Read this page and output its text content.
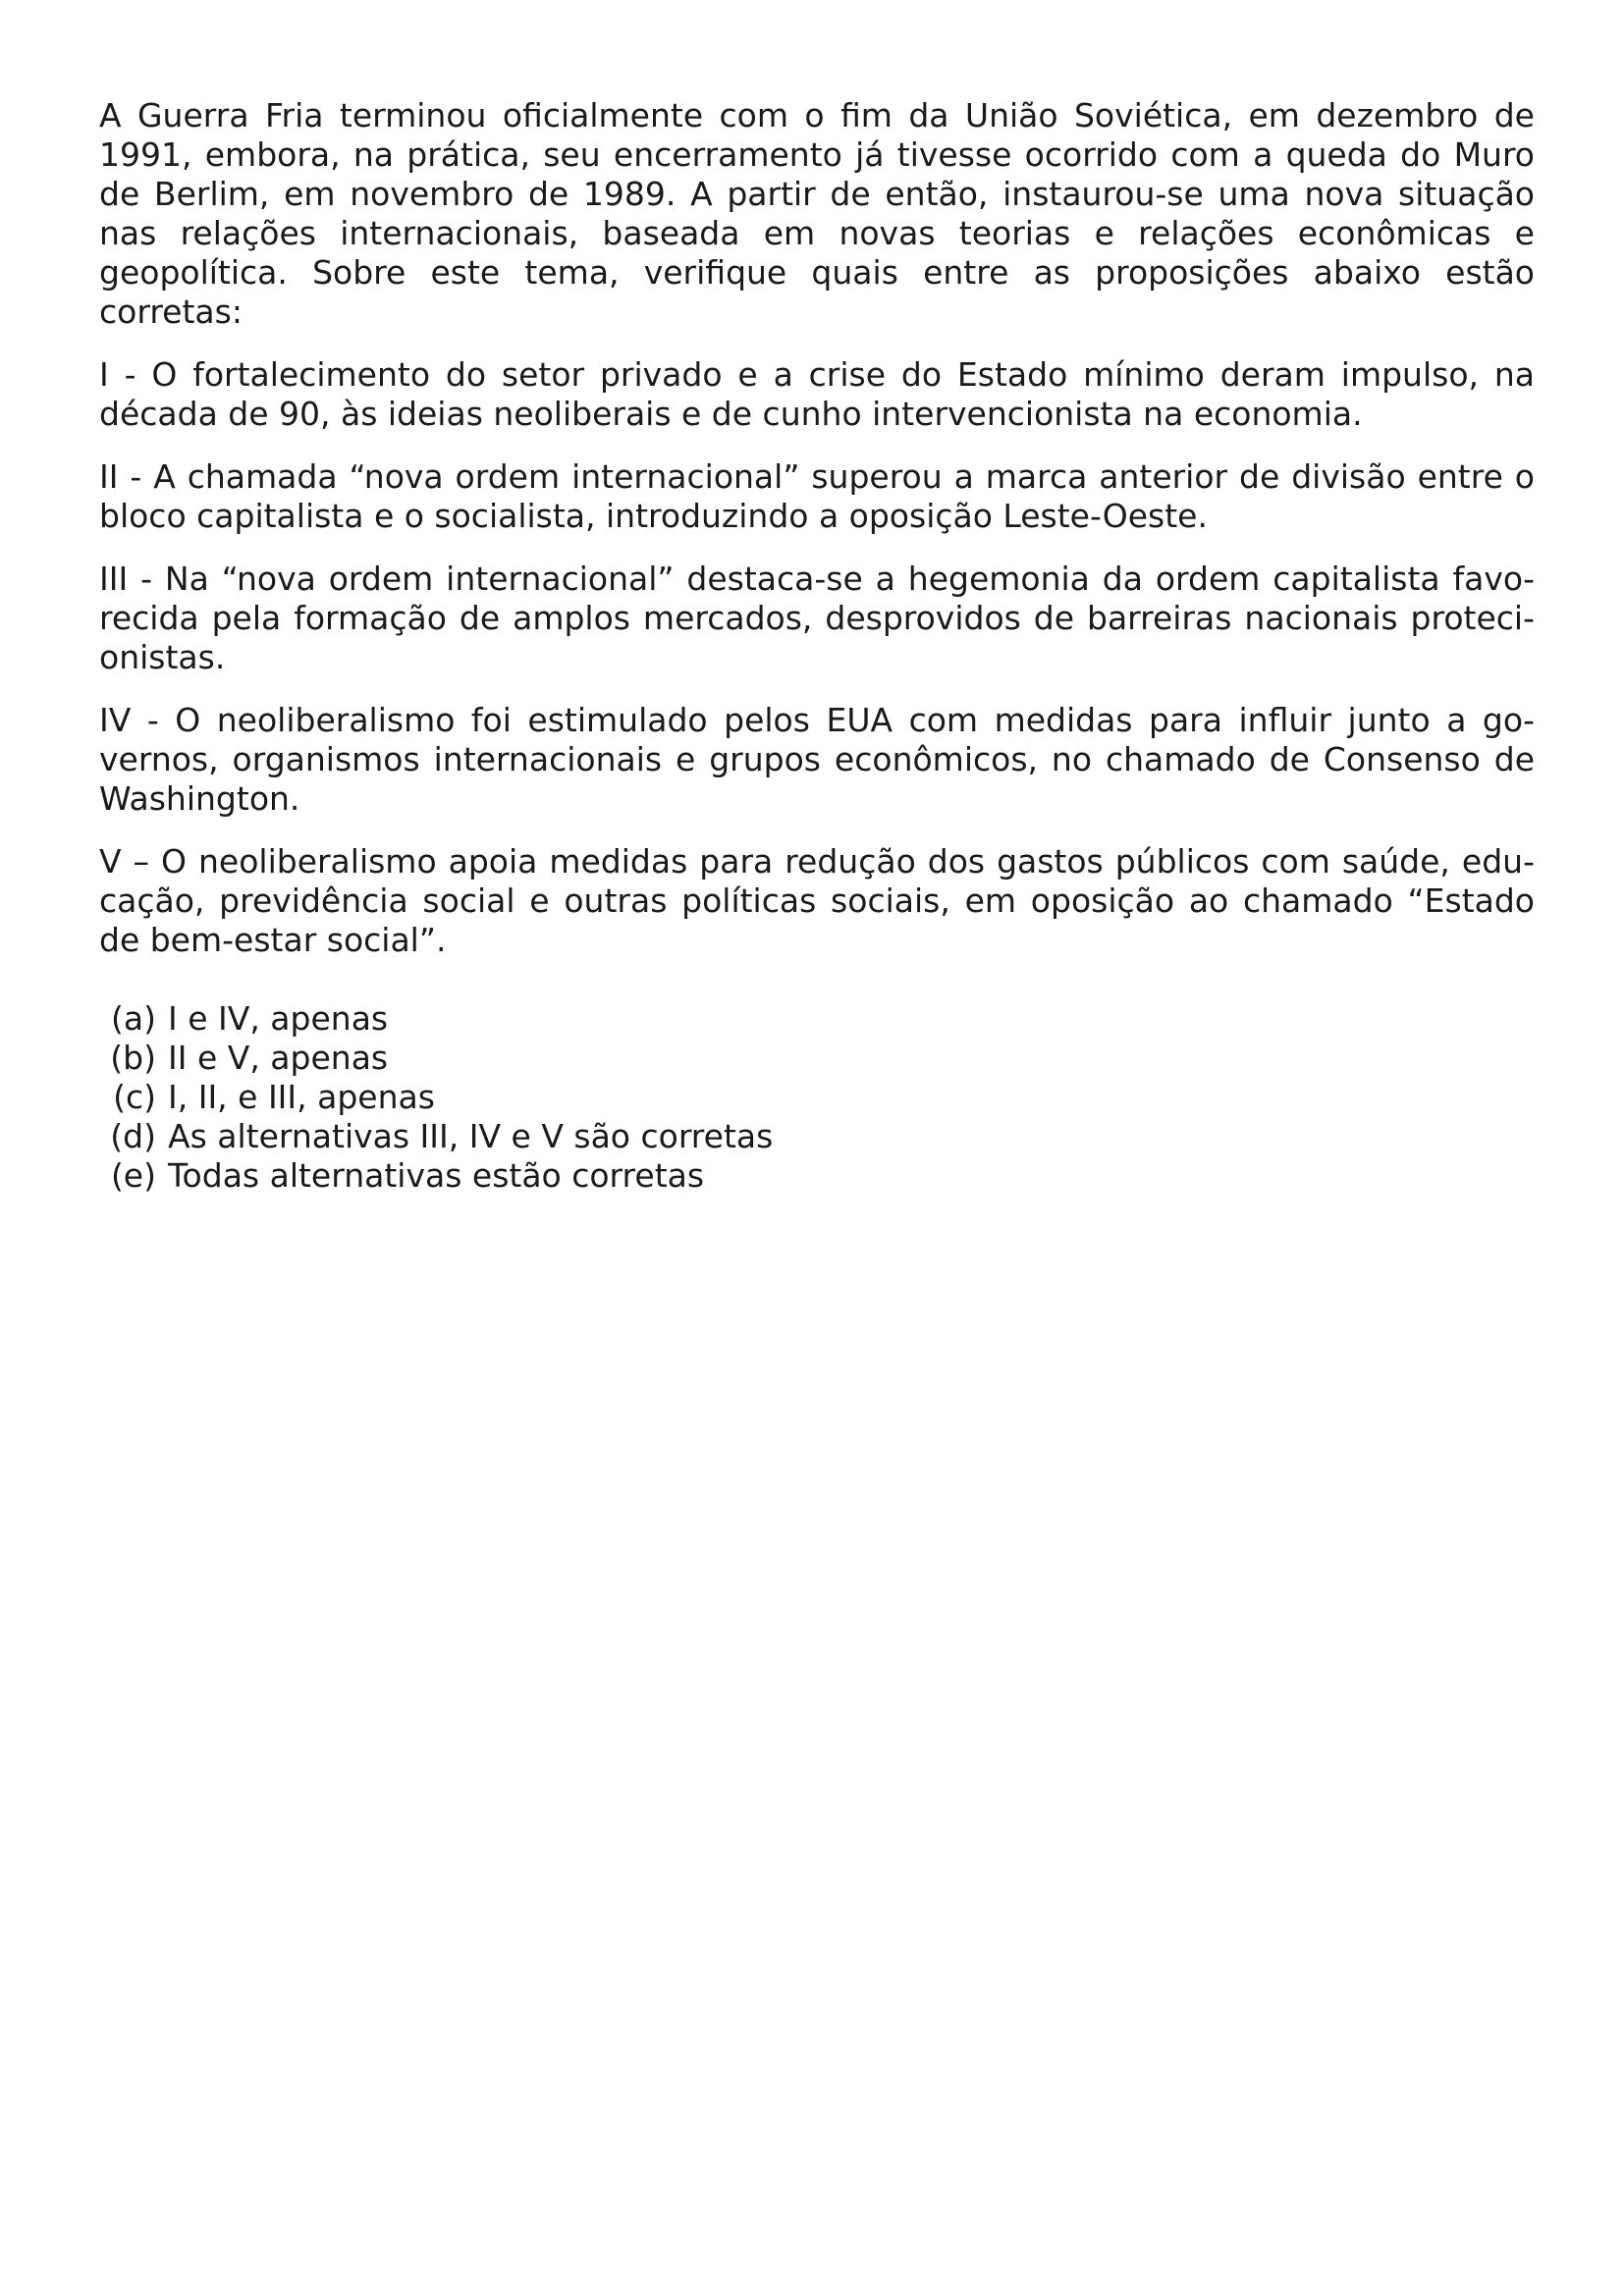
A Guerra Fria terminou oficialmente com o fim da União Soviética, em dezembro de 1991, embora, na prática, seu encerramento já tivesse ocorrido com a queda do Muro de Berlim, em novembro de 1989. A partir de então, instaurou-se uma nova situação nas relações internacionais, baseada em novas teorias e relações econômicas e geopolítica. Sobre este tema, verifique quais entre as proposições abaixo estão corretas:

I - O fortalecimento do setor privado e a crise do Estado mínimo deram impulso, na década de 90, às ideias neoliberais e de cunho intervencionista na economia.

II - A chamada “nova ordem internacional” superou a marca anterior de divisão entre o bloco capitalista e o socialista, introduzindo a oposição Leste-Oeste.

III - Na “nova ordem internacional” destaca-se a hegemonia da ordem capitalista favorecida pela formação de amplos mercados, desprovidos de barreiras nacionais protecionistas.

IV - O neoliberalismo foi estimulado pelos EUA com medidas para influir junto a governos, organismos internacionais e grupos econômicos, no chamado de Consenso de Washington.

V – O neoliberalismo apoia medidas para redução dos gastos públicos com saúde, educação, previdência social e outras políticas sociais, em oposição ao chamado “Estado de bem-estar social”.

(a) I e IV, apenas
(b) II e V, apenas
(c) I, II, e III, apenas
(d) As alternativas III, IV e V são corretas
(e) Todas alternativas estão corretas
